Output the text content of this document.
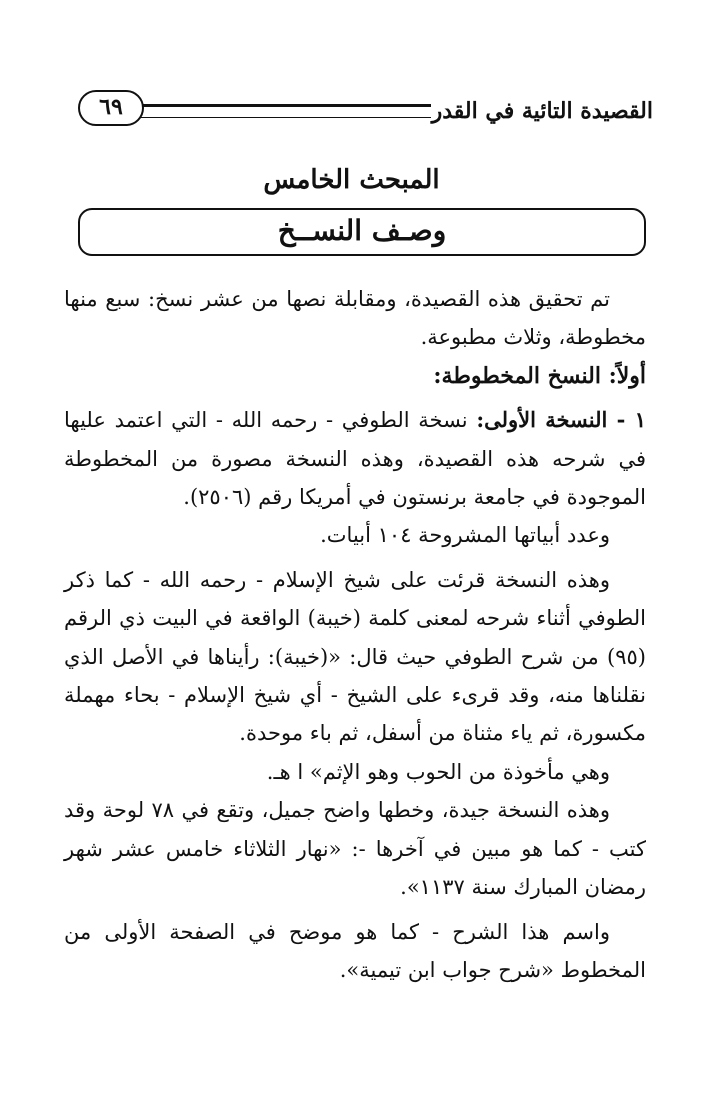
القصيدة التائية في القدر
٦٩
المبحث الخامس
وصـف النســخ

تم تحقيق هذه القصيدة، ومقابلة نصها من عشر نسخ: سبع منها مخطوطة، وثلاث مطبوعة.

أولاً: النسخ المخطوطة:

١ - النسخة الأولى: نسخة الطوفي - رحمه الله - التي اعتمد عليها في شرحه هذه القصيدة، وهذه النسخة مصورة من المخطوطة الموجودة في جامعة برنستون في أمريكا رقم (٢٥٠٦).

وعدد أبياتها المشروحة ١٠٤ أبيات.

وهذه النسخة قرئت على شيخ الإسلام - رحمه الله - كما ذكر الطوفي أثناء شرحه لمعنى كلمة (خيبة) الواقعة في البيت ذي الرقم (٩٥) من شرح الطوفي حيث قال: «(خيبة): رأيناها في الأصل الذي نقلناها منه، وقد قرىء على الشيخ - أي شيخ الإسلام - بحاء مهملة مكسورة، ثم ياء مثناة من أسفل، ثم باء موحدة.

وهي مأخوذة من الحوب وهو الإثم» ا هـ.

وهذه النسخة جيدة، وخطها واضح جميل، وتقع في ٧٨ لوحة وقد كتب - كما هو مبين في آخرها -: «نهار الثلاثاء خامس عشر شهر رمضان المبارك سنة ١١٣٧».

واسم هذا الشرح - كما هو موضح في الصفحة الأولى من المخطوط «شرح جواب ابن تيمية».
